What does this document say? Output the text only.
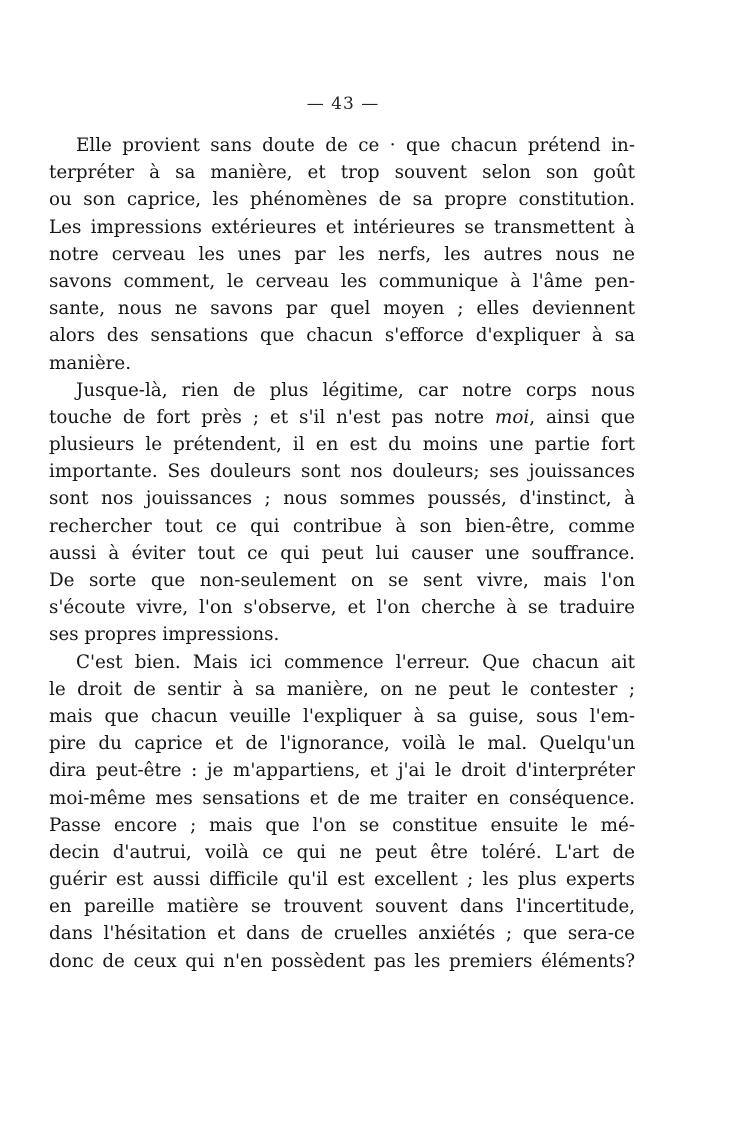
— 43 —
Elle provient sans doute de ce · que chacun prétend in-
terpréter à sa manière, et trop souvent selon son goût
ou son caprice, les phénomènes de sa propre constitution.
Les impressions extérieures et intérieures se transmettent à
notre cerveau les unes par les nerfs, les autres nous ne
savons comment, le cerveau les communique à l'âme pen-
sante, nous ne savons par quel moyen ; elles deviennent
alors des sensations que chacun s'efforce d'expliquer à sa
manière.
Jusque-là, rien de plus légitime, car notre corps nous
touche de fort près ; et s'il n'est pas notre moi, ainsi que
plusieurs le prétendent, il en est du moins une partie fort
importante. Ses douleurs sont nos douleurs; ses jouissances
sont nos jouissances ; nous sommes poussés, d'instinct, à
rechercher tout ce qui contribue à son bien-être, comme
aussi à éviter tout ce qui peut lui causer une souffrance.
De sorte que non-seulement on se sent vivre, mais l'on
s'écoute vivre, l'on s'observe, et l'on cherche à se traduire
ses propres impressions.
C'est bien. Mais ici commence l'erreur. Que chacun ait
le droit de sentir à sa manière, on ne peut le contester ;
mais que chacun veuille l'expliquer à sa guise, sous l'em-
pire du caprice et de l'ignorance, voilà le mal. Quelqu'un
dira peut-être : je m'appartiens, et j'ai le droit d'interpréter
moi-même mes sensations et de me traiter en conséquence.
Passe encore ; mais que l'on se constitue ensuite le mé-
decin d'autrui, voilà ce qui ne peut être toléré. L'art de
guérir est aussi difficile qu'il est excellent ; les plus experts
en pareille matière se trouvent souvent dans l'incertitude,
dans l'hésitation et dans de cruelles anxiétés ; que sera-ce
donc de ceux qui n'en possèdent pas les premiers éléments?
